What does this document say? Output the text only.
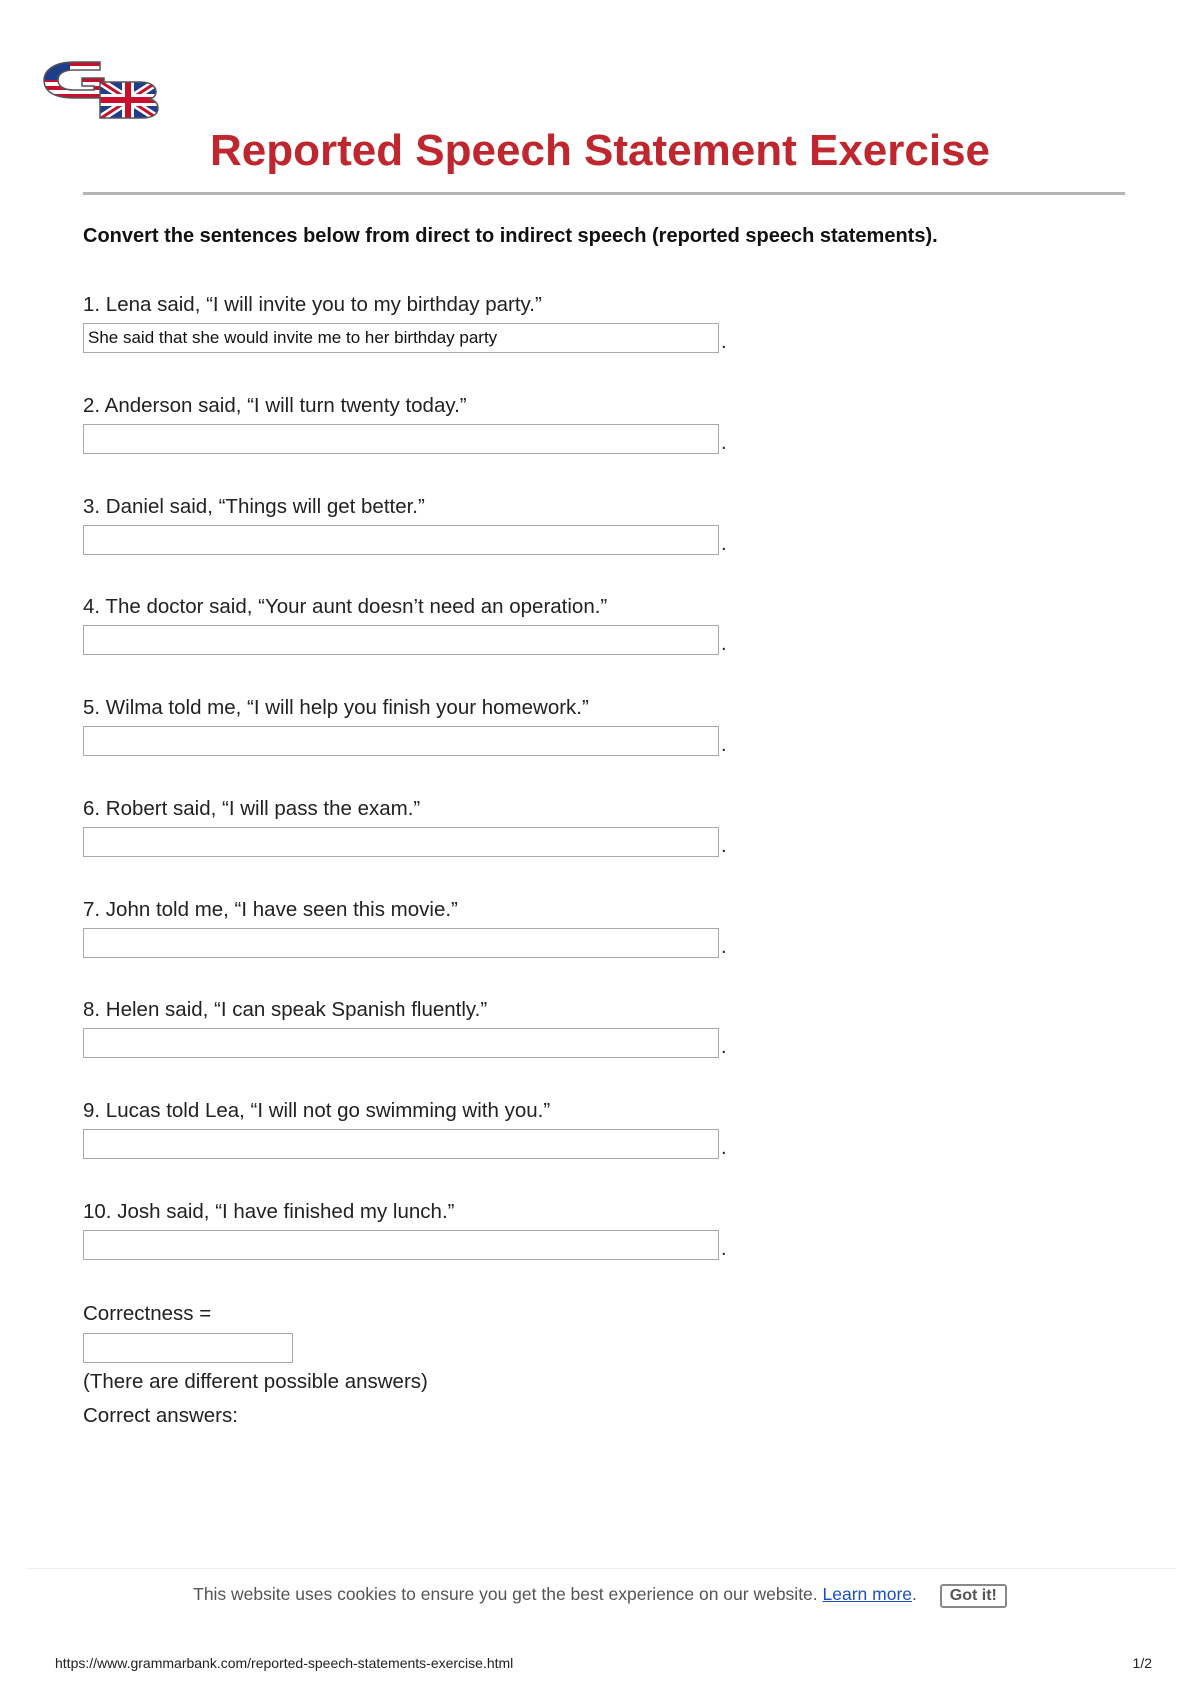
Reported Speech Statement Exercise
Convert the sentences below from direct to indirect speech (reported speech statements).
1. Lena said, “I will invite you to my birthday party.”
She said that she would invite me to her birthday party	.
2. Anderson said, “I will turn twenty today.”
.
3. Daniel said, “Things will get better.”
.
4. The doctor said, “Your aunt doesn’t need an operation.”
.
5. Wilma told me, “I will help you finish your homework.”
.
6. Robert said, “I will pass the exam.”
.
7. John told me, “I have seen this movie.”
.
8. Helen said, “I can speak Spanish fluently.”
.
9. Lucas told Lea, “I will not go swimming with you.”
.
10. Josh said, “I have finished my lunch.”
.
Correctness =
(There are different possible answers)
Correct answers:
This website uses cookies to ensure you get the best experience on our website. Learn more. Got it!
https://www.grammarbank.com/reported-speech-statements-exercise.html	1/2
